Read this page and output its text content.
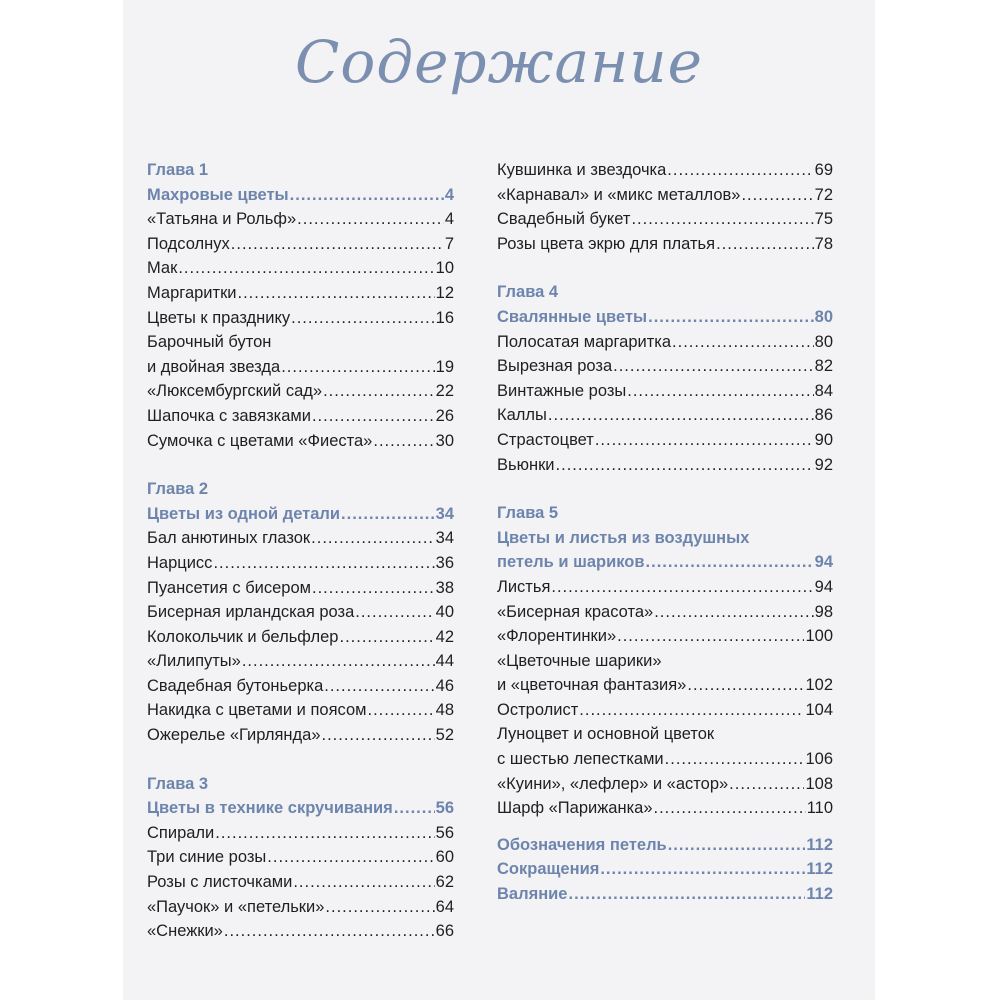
Содержание
Глава 1
Махровые цветы .....	4
«Татьяна и Рольф» .....	4
Подсолнух .....	7
Мак .....	10
Маргаритки .....	12
Цветы к празднику .....	16
Барочный бутон
и двойная звезда .....	19
«Люксембургский сад» .....	22
Шапочка с завязками .....	26
Сумочка с цветами «Фиеста» .....	30
Глава 2
Цветы из одной детали .....	34
Бал анютиных глазок .....	34
Нарцисс .....	36
Пуансетия с бисером .....	38
Бисерная ирландская роза .....	40
Колокольчик и бельфлер .....	42
«Лилипуты» .....	44
Свадебная бутоньерка .....	46
Накидка с цветами и поясом .....	48
Ожерелье «Гирлянда» .....	52
Глава 3
Цветы в технике скручивания .....	56
Спирали .....	56
Три синие розы .....	60
Розы с листочками .....	62
«Паучок» и «петельки» .....	64
«Снежки» .....	66
Кувшинка и звездочка .....	69
«Карнавал» и «микс металлов» .....	72
Свадебный букет .....	75
Розы цвета экрю для платья .....	78
Глава 4
Свалянные цветы .....	80
Полосатая маргаритка .....	80
Вырезная роза .....	82
Винтажные розы .....	84
Каллы .....	86
Страстоцвет .....	90
Вьюнки .....	92
Глава 5
Цветы и листья из воздушных
петель и шариков .....	94
Листья .....	94
«Бисерная красота» .....	98
«Флорентинки» .....	100
«Цветочные шарики»
и «цветочная фантазия» .....	102
Остролист .....	104
Луноцвет и основной цветок
с шестью лепестками .....	106
«Куини», «лефлер» и «астор» .....	108
Шарф «Парижанка» .....	110
Обозначения петель .....	112
Сокращения .....	112
Валяние .....	112
